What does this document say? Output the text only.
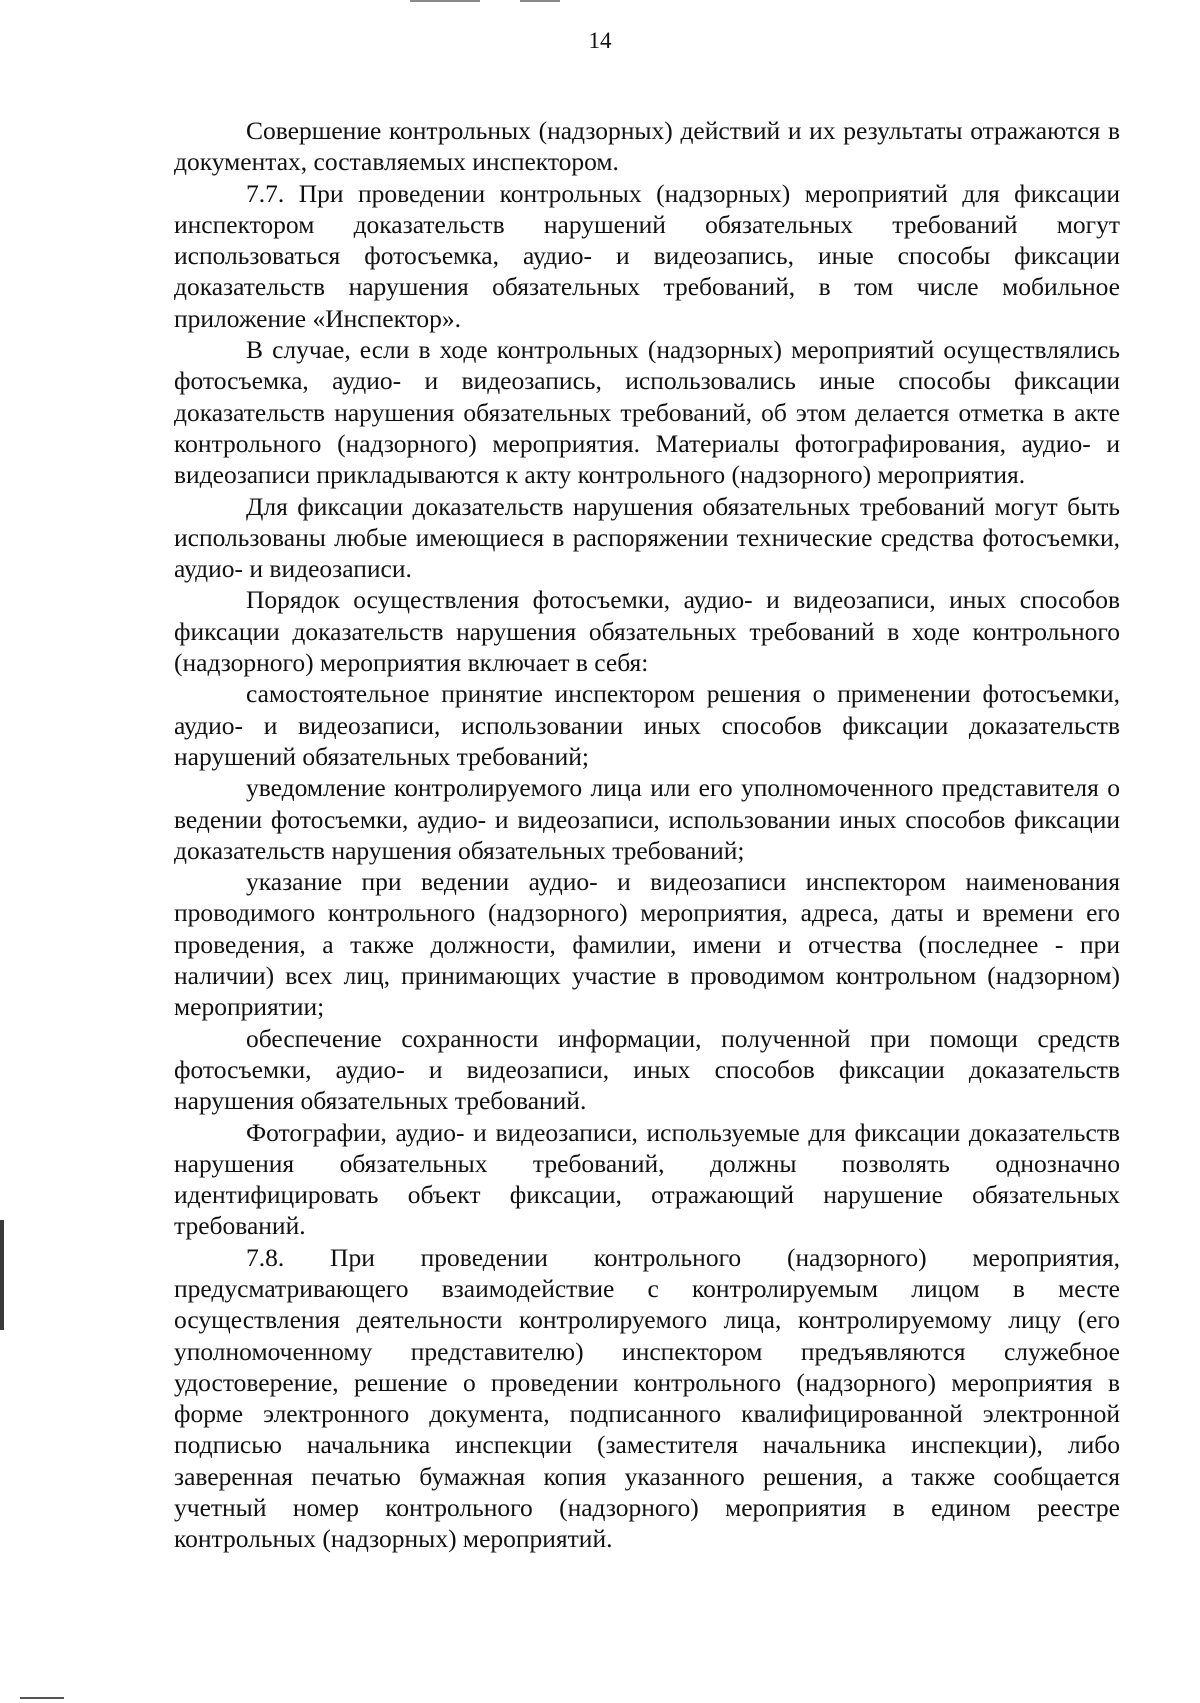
14

Совершение контрольных (надзорных) действий и их результаты отражаются в документах, составляемых инспектором.

7.7. При проведении контрольных (надзорных) мероприятий для фиксации инспектором доказательств нарушений обязательных требований могут использоваться фотосъемка, аудио- и видеозапись, иные способы фиксации доказательств нарушения обязательных требований, в том числе мобильное приложение «Инспектор».

В случае, если в ходе контрольных (надзорных) мероприятий осуществлялись фотосъемка, аудио- и видеозапись, использовались иные способы фиксации доказательств нарушения обязательных требований, об этом делается отметка в акте контрольного (надзорного) мероприятия. Материалы фотографирования, аудио- и видеозаписи прикладываются к акту контрольного (надзорного) мероприятия.

Для фиксации доказательств нарушения обязательных требований могут быть использованы любые имеющиеся в распоряжении технические средства фотосъемки, аудио- и видеозаписи.

Порядок осуществления фотосъемки, аудио- и видеозаписи, иных способов фиксации доказательств нарушения обязательных требований в ходе контрольного (надзорного) мероприятия включает в себя:

самостоятельное принятие инспектором решения о применении фотосъемки, аудио- и видеозаписи, использовании иных способов фиксации доказательств нарушений обязательных требований;

уведомление контролируемого лица или его уполномоченного представителя о ведении фотосъемки, аудио- и видеозаписи, использовании иных способов фиксации доказательств нарушения обязательных требований;

указание при ведении аудио- и видеозаписи инспектором наименования проводимого контрольного (надзорного) мероприятия, адреса, даты и времени его проведения, а также должности, фамилии, имени и отчества (последнее - при наличии) всех лиц, принимающих участие в проводимом контрольном (надзорном) мероприятии;

обеспечение сохранности информации, полученной при помощи средств фотосъемки, аудио- и видеозаписи, иных способов фиксации доказательств нарушения обязательных требований.

Фотографии, аудио- и видеозаписи, используемые для фиксации доказательств нарушения обязательных требований, должны позволять однозначно идентифицировать объект фиксации, отражающий нарушение обязательных требований.

7.8. При проведении контрольного (надзорного) мероприятия, предусматривающего взаимодействие с контролируемым лицом в месте осуществления деятельности контролируемого лица, контролируемому лицу (его уполномоченному представителю) инспектором предъявляются служебное удостоверение, решение о проведении контрольного (надзорного) мероприятия в форме электронного документа, подписанного квалифицированной электронной подписью начальника инспекции (заместителя начальника инспекции), либо заверенная печатью бумажная копия указанного решения, а также сообщается учетный номер контрольного (надзорного) мероприятия в едином реестре контрольных (надзорных) мероприятий.
